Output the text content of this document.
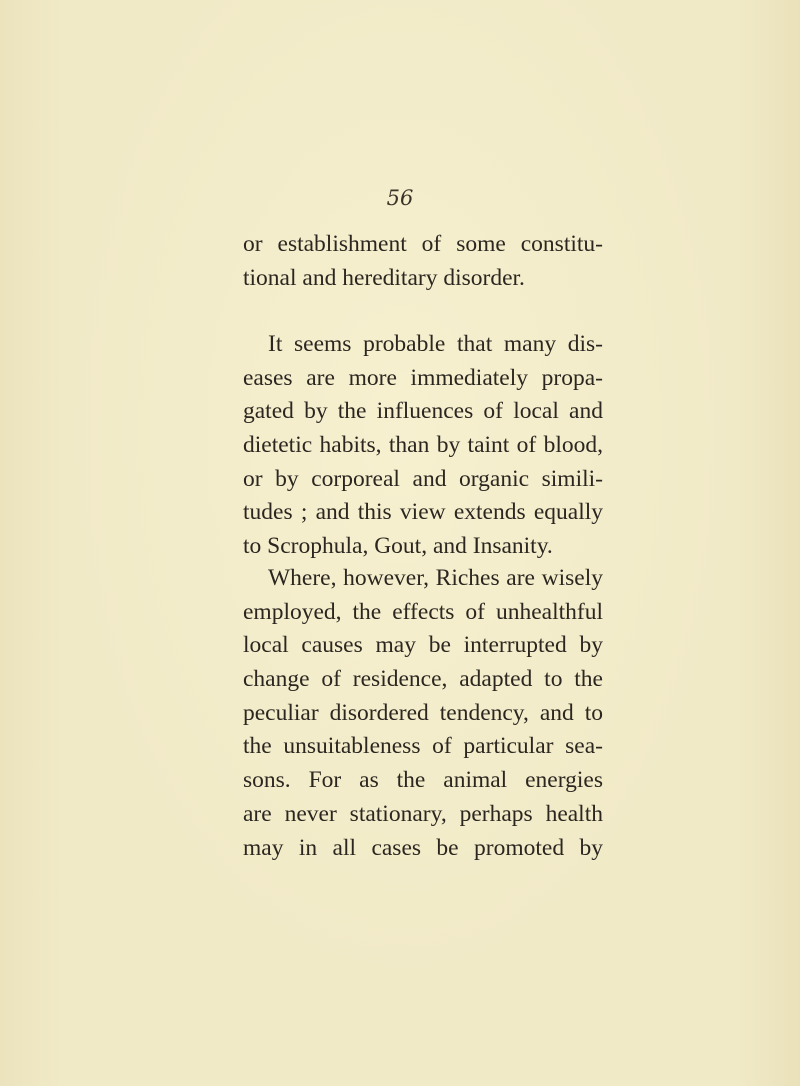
56
or establishment of some constitu-
tional and hereditary disorder.
It seems probable that many dis-
eases are more immediately propa-
gated by the influences of local and
dietetic habits, than by taint of blood,
or by corporeal and organic simili-
tudes ; and this view extends equally
to Scrophula, Gout, and Insanity.
Where, however, Riches are wisely
employed, the effects of unhealthful
local causes may be interrupted by
change of residence, adapted to the
peculiar disordered tendency, and to
the unsuitableness of particular sea-
sons. For as the animal energies
are never stationary, perhaps health
may in all cases be promoted by
